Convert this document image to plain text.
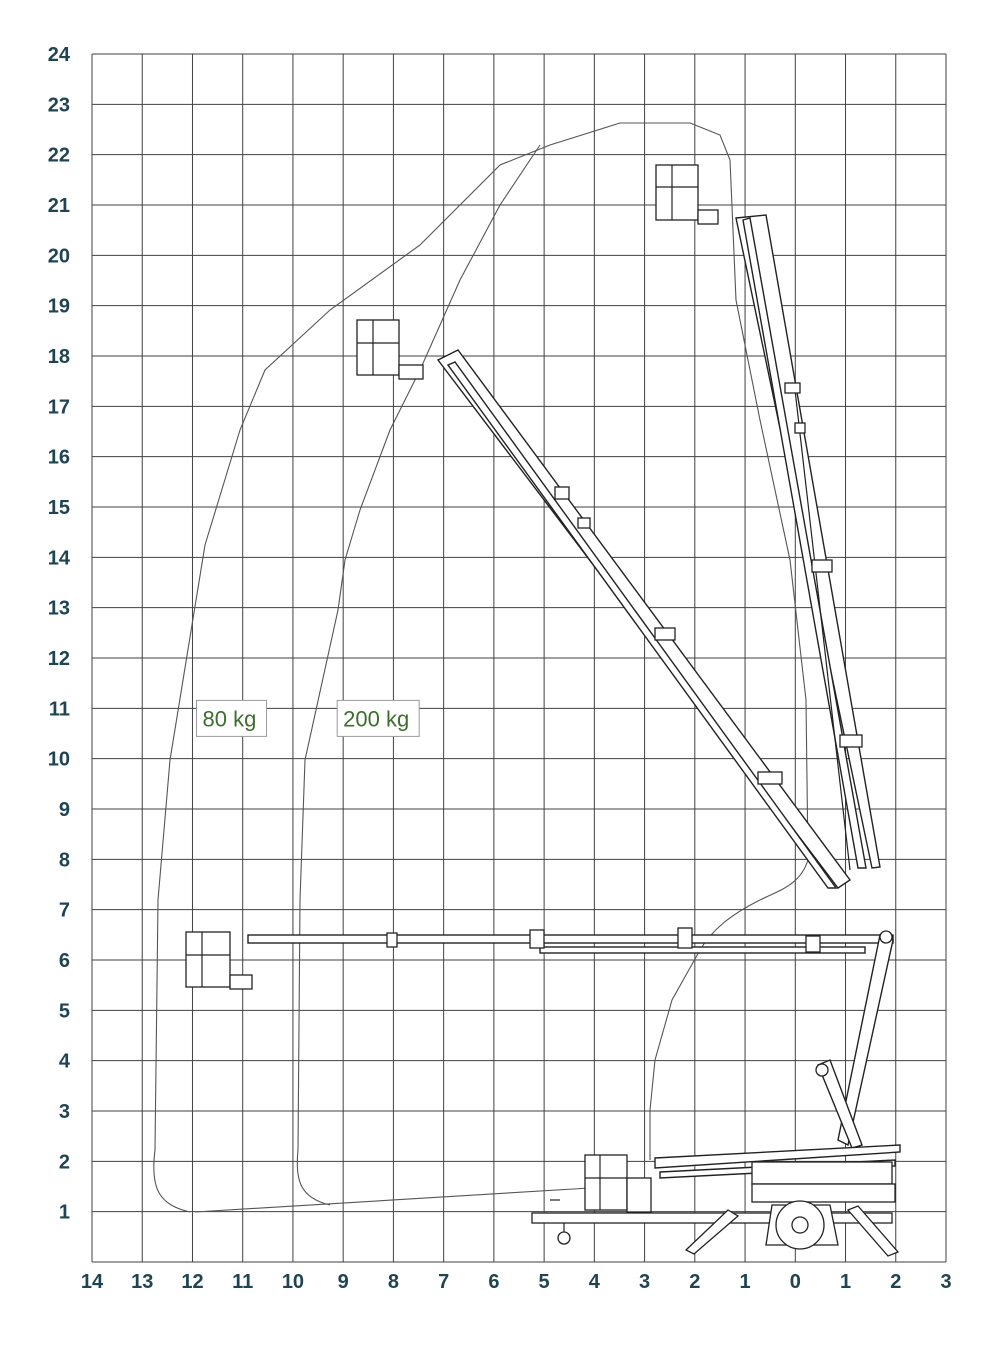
14 13 12 11 10 9 8 7 6 5 4 3 2 1 0 1 2 3
1
2
3
4
5
6
7
8
9
10
11
12
13
14
15
16
17
18
19
20
21
22
23
24
80 kg	200 kg
